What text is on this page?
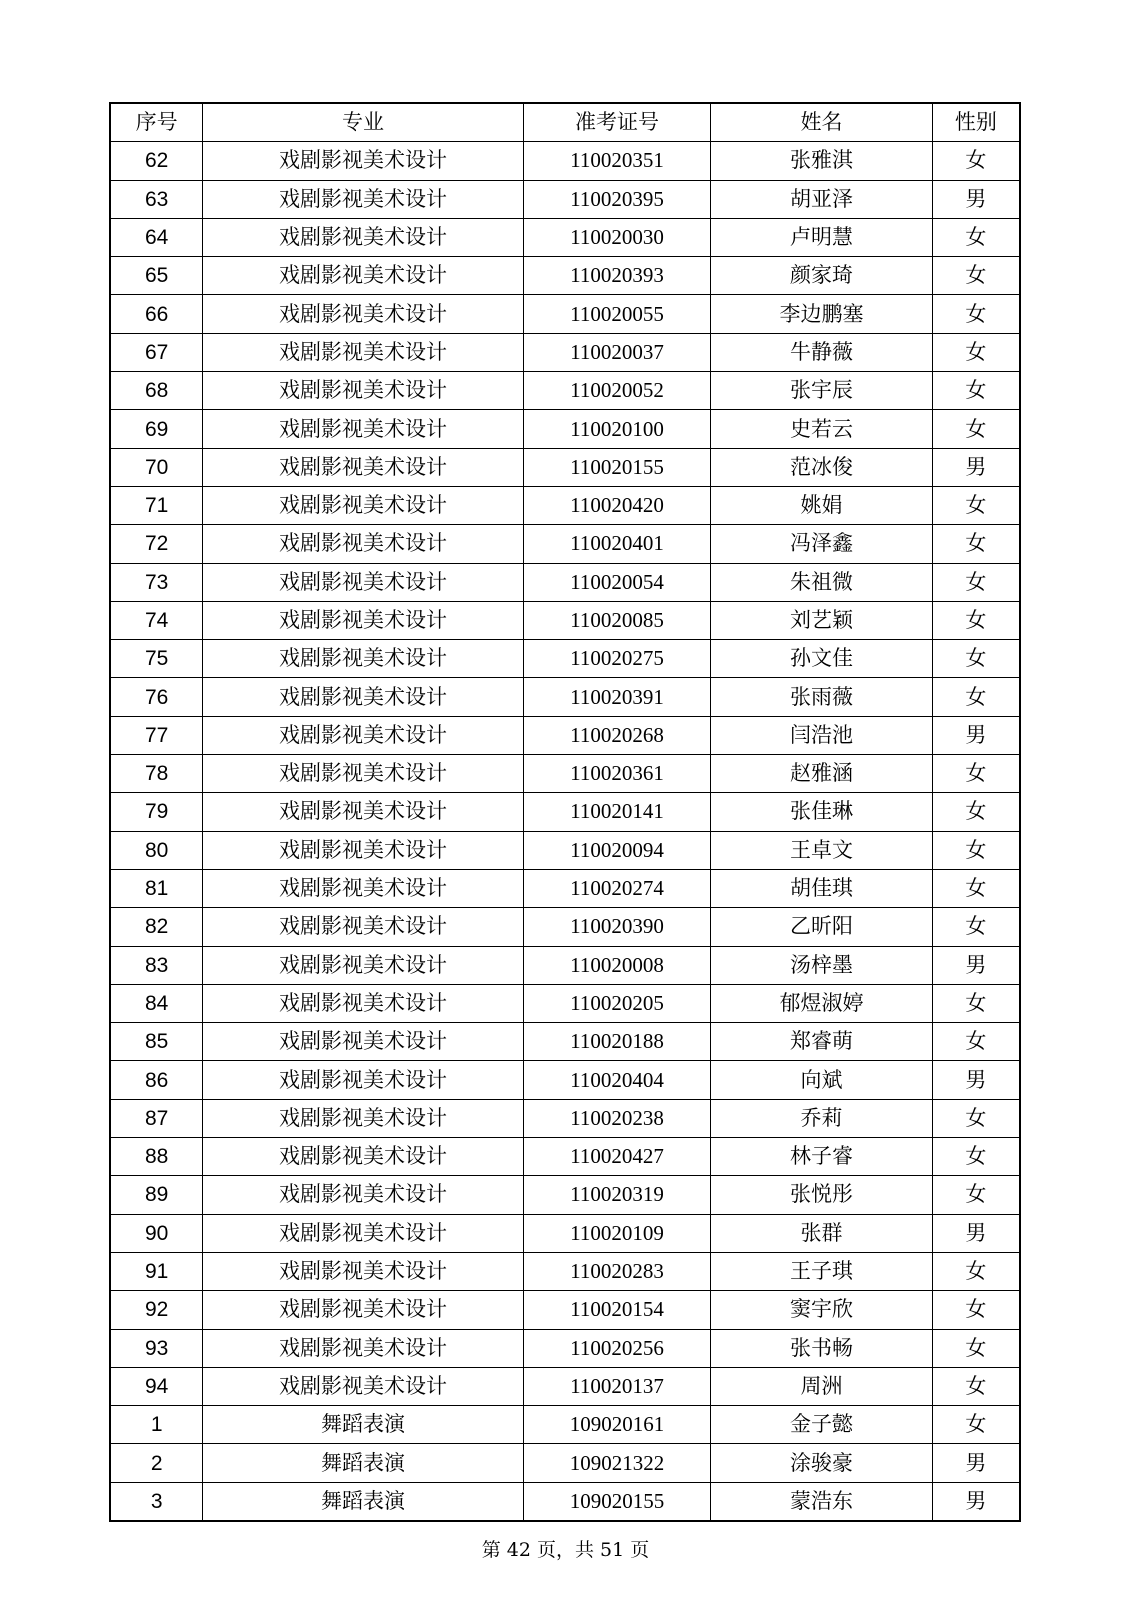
序号	专业	准考证号	姓名	性别
62	戏剧影视美术设计	110020351	张雅淇	女
63	戏剧影视美术设计	110020395	胡亚泽	男
64	戏剧影视美术设计	110020030	卢明慧	女
65	戏剧影视美术设计	110020393	颜家琦	女
66	戏剧影视美术设计	110020055	李边鹏塞	女
67	戏剧影视美术设计	110020037	牛静薇	女
68	戏剧影视美术设计	110020052	张宇辰	女
69	戏剧影视美术设计	110020100	史若云	女
70	戏剧影视美术设计	110020155	范冰俊	男
71	戏剧影视美术设计	110020420	姚娟	女
72	戏剧影视美术设计	110020401	冯泽鑫	女
73	戏剧影视美术设计	110020054	朱祖微	女
74	戏剧影视美术设计	110020085	刘艺颖	女
75	戏剧影视美术设计	110020275	孙文佳	女
76	戏剧影视美术设计	110020391	张雨薇	女
77	戏剧影视美术设计	110020268	闫浩池	男
78	戏剧影视美术设计	110020361	赵雅涵	女
79	戏剧影视美术设计	110020141	张佳琳	女
80	戏剧影视美术设计	110020094	王卓文	女
81	戏剧影视美术设计	110020274	胡佳琪	女
82	戏剧影视美术设计	110020390	乙昕阳	女
83	戏剧影视美术设计	110020008	汤梓墨	男
84	戏剧影视美术设计	110020205	郁煜淑婷	女
85	戏剧影视美术设计	110020188	郑睿萌	女
86	戏剧影视美术设计	110020404	向斌	男
87	戏剧影视美术设计	110020238	乔莉	女
88	戏剧影视美术设计	110020427	林子睿	女
89	戏剧影视美术设计	110020319	张悦彤	女
90	戏剧影视美术设计	110020109	张群	男
91	戏剧影视美术设计	110020283	王子琪	女
92	戏剧影视美术设计	110020154	窦宇欣	女
93	戏剧影视美术设计	110020256	张书畅	女
94	戏剧影视美术设计	110020137	周洲	女
1	舞蹈表演	109020161	金子懿	女
2	舞蹈表演	109021322	涂骏豪	男
3	舞蹈表演	109020155	蒙浩东	男
第 42 页，共 51 页
